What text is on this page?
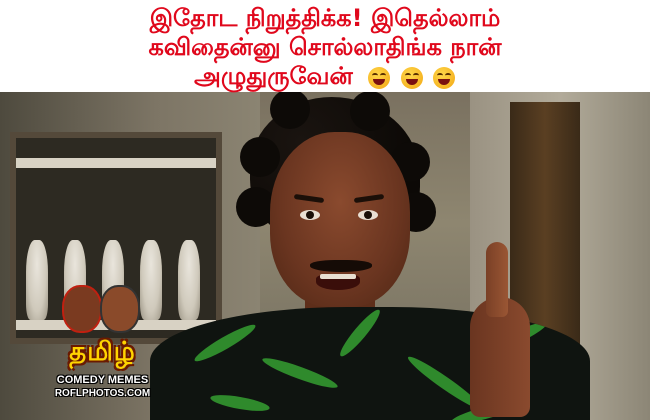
இதோட நிறுத்திக்க! இதெல்லாம்
கவிதைன்னு சொல்லாதிங்க நான்
அழுதுருவேன்

தமிழ்
COMEDY MEMES
ROFLPHOTOS.COM
